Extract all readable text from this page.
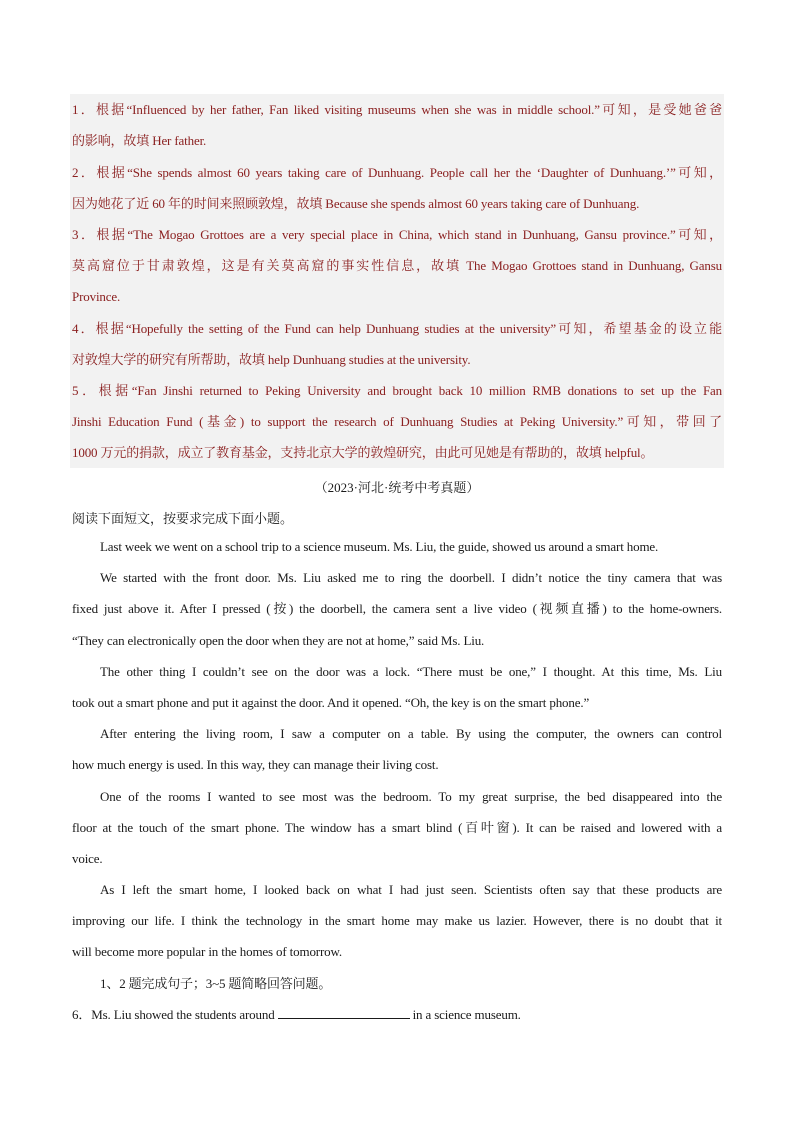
1．根据“Influenced by her father, Fan liked visiting museums when she was in middle school.”可知，是受她爸爸
的影响，故填 Her father.
2．根据“She spends almost 60 years taking care of Dunhuang. People call her the ‘Daughter of Dunhuang.’”可知，
因为她花了近 60 年的时间来照顾敦煌，故填 Because she spends almost 60 years taking care of Dunhuang.
3．根据“The Mogao Grottoes are a very special place in China, which stand in Dunhuang, Gansu province.”可知，
莫高窟位于甘肃敦煌，这是有关莫高窟的事实性信息，故填 The Mogao Grottoes stand in Dunhuang, Gansu
Province.
4．根据“Hopefully the setting of the Fund can help Dunhuang studies at the university”可知，希望基金的设立能
对敦煌大学的研究有所帮助，故填 help Dunhuang studies at the university.
5．根据“Fan Jinshi returned to Peking University and brought back 10 million RMB donations to set up the Fan
Jinshi Education Fund (基金) to support the research of Dunhuang Studies at Peking University.”可知，带回了
1000 万元的捐款，成立了教育基金，支持北京大学的敦煌研究，由此可见她是有帮助的，故填 helpful。
（2023·河北·统考中考真题）
阅读下面短文，按要求完成下面小题。
Last week we went on a school trip to a science museum. Ms. Liu, the guide, showed us around a smart home.
We started with the front door. Ms. Liu asked me to ring the doorbell. I didn’t notice the tiny camera that was
fixed just above it. After I pressed (按) the doorbell, the camera sent a live video (视频直播) to the home-owners.
“They can electronically open the door when they are not at home,” said Ms. Liu.
The other thing I couldn’t see on the door was a lock. “There must be one,” I thought. At this time, Ms. Liu
took out a smart phone and put it against the door. And it opened. “Oh, the key is on the smart phone.”
After entering the living room, I saw a computer on a table. By using the computer, the owners can control
how much energy is used. In this way, they can manage their living cost.
One of the rooms I wanted to see most was the bedroom. To my great surprise, the bed disappeared into the
floor at the touch of the smart phone. The window has a smart blind (百叶窗). It can be raised and lowered with a
voice.
As I left the smart home, I looked back on what I had just seen. Scientists often say that these products are
improving our life. I think the technology in the smart home may make us lazier. However, there is no doubt that it
will become more popular in the homes of tomorrow.
1、2 题完成句子；3~5 题简略回答问题。
6．Ms. Liu showed the students around	in a science museum.
